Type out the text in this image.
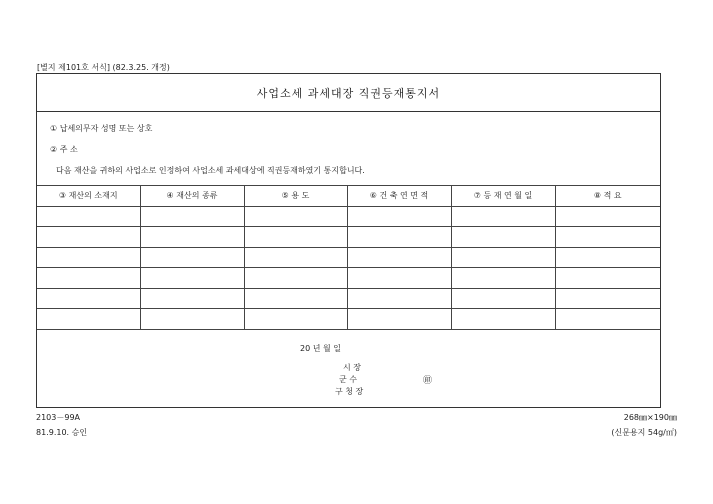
[별지 제101호 서식] (82.3.25. 개정)
사업소세 과세대장 직권등재통지서
① 납세의무자 성명 또는 상호
② 주 소
다음 재산을 귀하의 사업소로 인정하여 사업소세 과세대상에 직권등재하였기 통지합니다.
③ 재산의 소재지	④ 재산의 종류	⑤ 용 도	⑥ 건 축 연 면 적	⑦ 등 재 연 월 일	⑧ 적 요

20 년 월 일
시 장
군 수	㊞
구 청 장
2103－99A
81.9.10. 승인
268㎜×190㎜
(신문용지 54g/㎡)
